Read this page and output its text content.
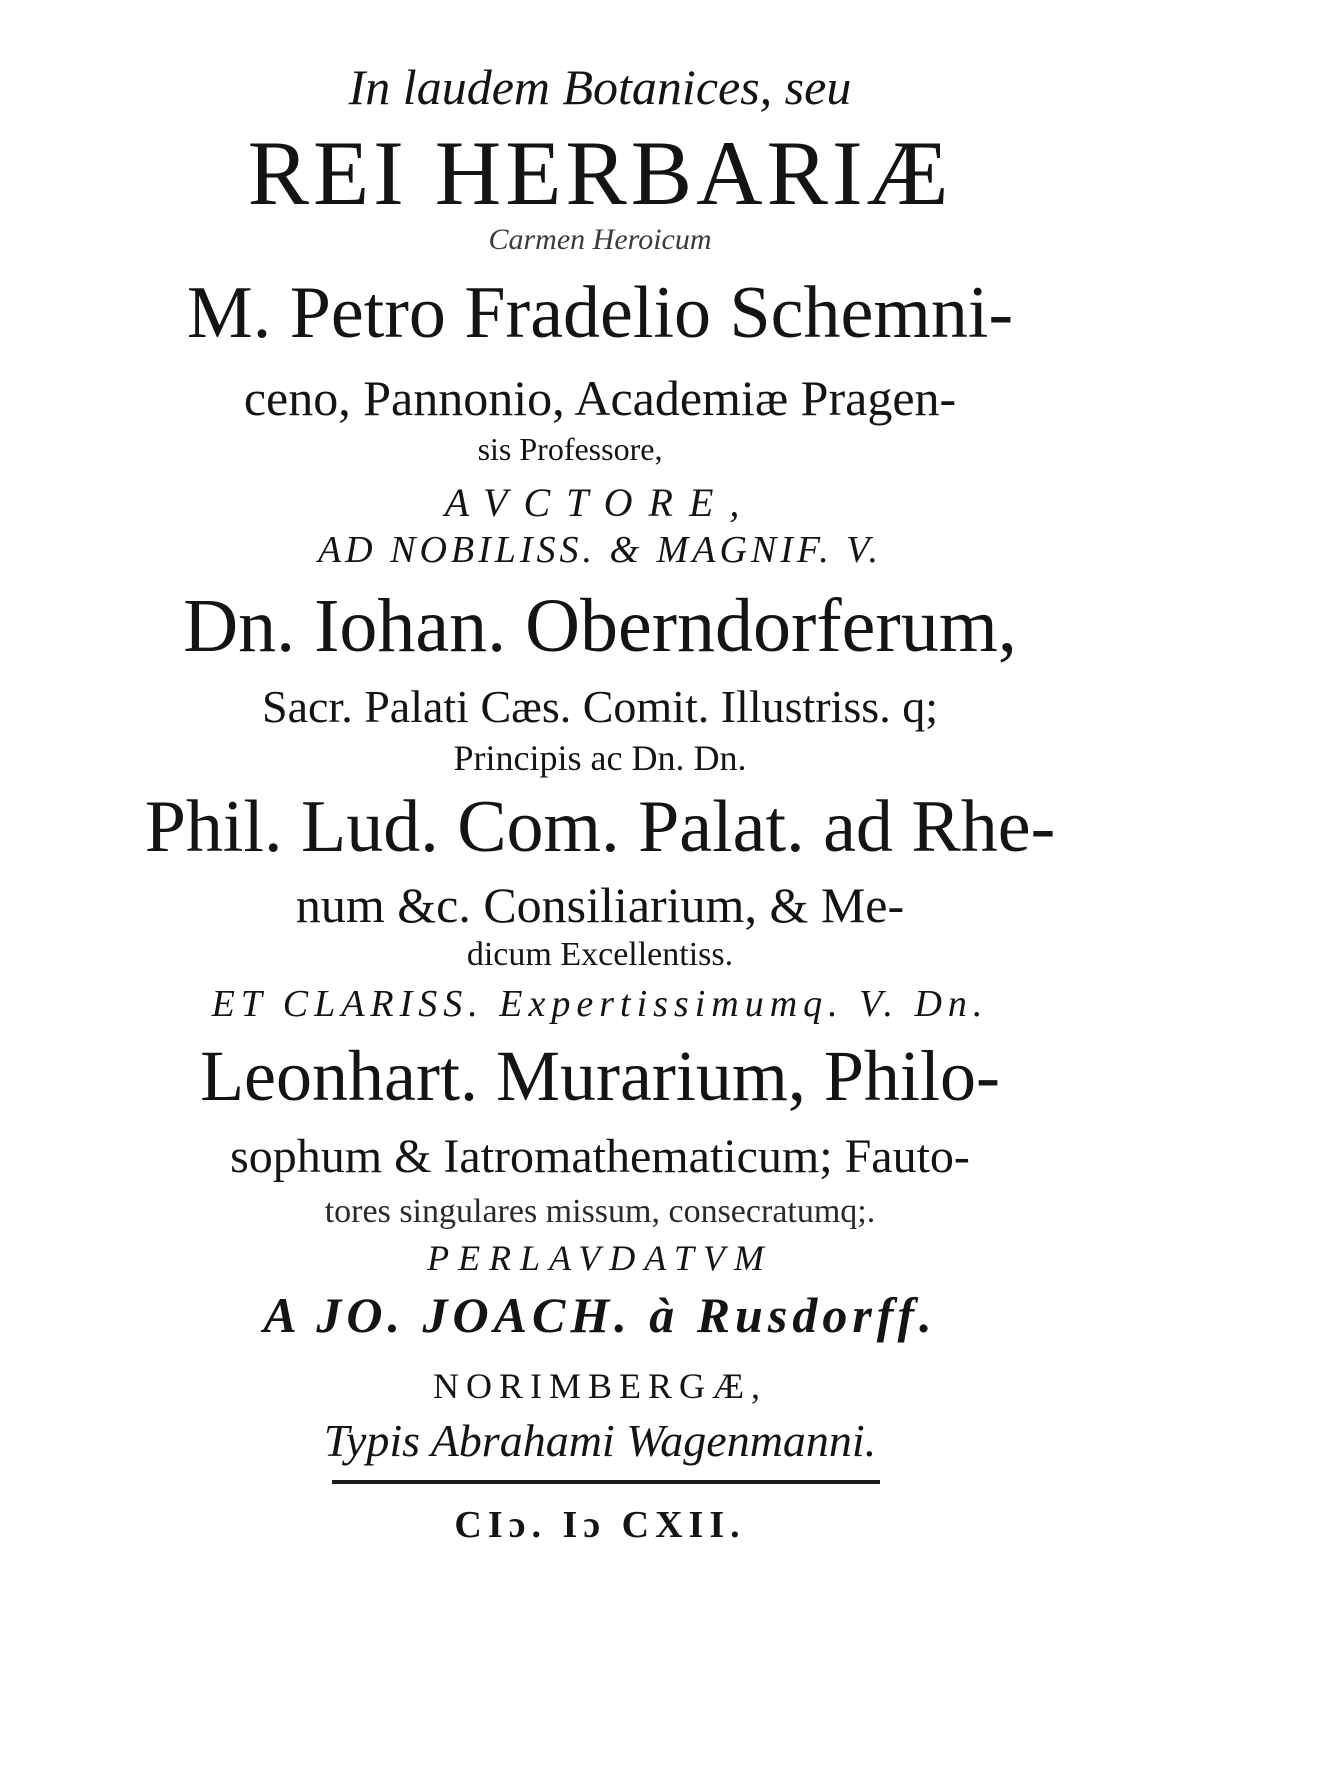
In laudem Botanices, seu

REI HERBARIÆ

Carmen Heroicum

M. Petro Fradelio Schemni-

ceno, Pannonio, Academiæ Pragen-

sis Professore,

AVCTORE,

AD NOBILISS. & MAGNIF. V.

Dn. Iohan. Oberndorferum,

Sacr. Palati Cæs. Comit. Illustriss. q;

Principis ac Dn. Dn.

Phil. Lud. Com. Palat. ad Rhe-

num &c. Consiliarium, & Me-

dicum Excellentiss.

ET CLARISS. Expertissimumq. V. Dn.

Leonhart. Murarium, Philo-

sophum & Iatromathematicum; Fauto-

tores singulares missum, consecratumq;.

PERLAVDATVM

A JO. JOACH. à Rusdorff.

NORIMBERGÆ,

Typis Abrahami Wagenmanni.

CIɔ. Iɔ CXII.
